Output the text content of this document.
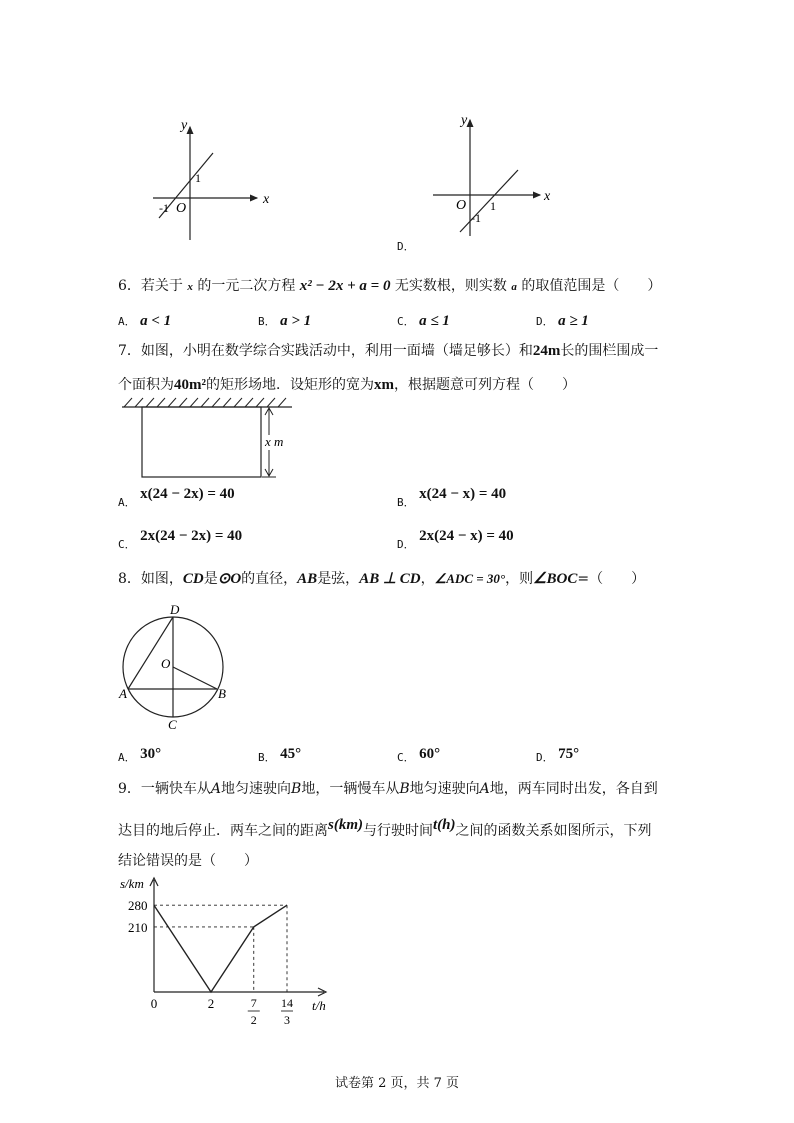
x
y
O
-1
1
x
y
O 1
-1
D．
6．若关于 x 的一元二次方程 x² − 2x + a = 0 无实数根，则实数 a 的取值范围是（　　）
A． a < 1	B． a > 1	C． a ≤ 1	D． a ≥ 1
7．如图，小明在数学综合实践活动中，利用一面墙（墙足够长）和24m长的围栏围成一
个面积为40m²的矩形场地．设矩形的宽为xm，根据题意可列方程（　　）
x m
A． x(24 − 2x) = 40
B． x(24 − x) = 40
C． 2x(24 − 2x) = 40
D． 2x(24 − x) = 40
8．如图，CD是⊙O的直径，AB是弦，AB ⊥ CD，∠ADC = 30°，则∠BOC=（　　）
D
O
A	B
C
A． 30°	B． 45°	C． 60°	D． 75°
9．一辆快车从A地匀速驶向B地，一辆慢车从B地匀速驶向A地，两车同时出发，各自到
达目的地后停止．两车之间的距离s(km)与行驶时间t(h)之间的函数关系如图所示，下列
结论错误的是（　　）
s/km
t/h
280
210
0	2	7
2
14
3
试卷第 2 页，共 7 页
